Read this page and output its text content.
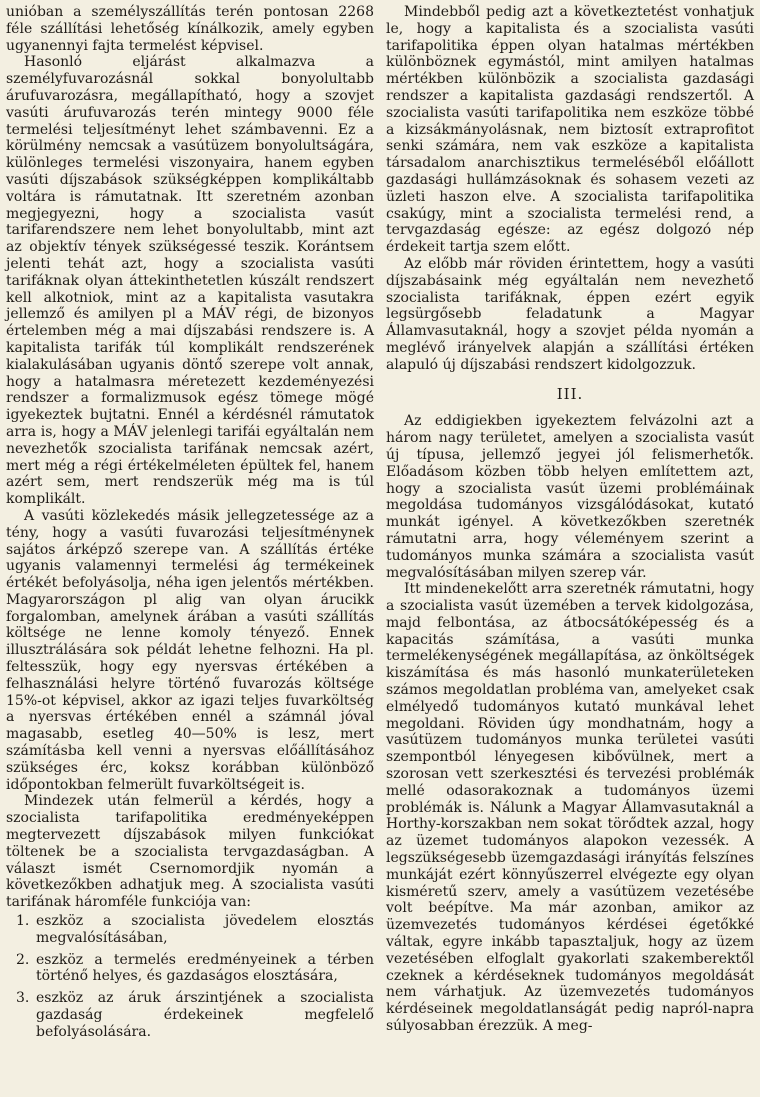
unióban a személyszállítás terén pontosan 2268 féle szállítási lehetőség kínálkozik, amely egyben ugyanennyi fajta termelést képvisel.

Hasonló eljárást alkalmazva a személyfuvarozásnál sokkal bonyolultabb árufuvarozásra, megállapítható, hogy a szovjet vasúti árufuvarozás terén mintegy 9000 féle termelési teljesítményt lehet számbavenni. Ez a körülmény nemcsak a vasútüzem bonyolultságára, különleges termelési viszonyaira, hanem egyben vasúti díjszabások szükségképpen komplikáltabb voltára is rámutatnak. Itt szeretném azonban megjegyezni, hogy a szocialista vasút tarifarendszere nem lehet bonyolultabb, mint azt az objektív tények szükségessé teszik. Korántsem jelenti tehát azt, hogy a szocialista vasúti tarifáknak olyan áttekinthetetlen kúszált rendszert kell alkotniok, mint az a kapitalista vasutakra jellemző és amilyen pl a MÁV régi, de bizonyos értelemben még a mai díjszabási rendszere is. A kapitalista tarifák túl komplikált rendszerének kialakulásában ugyanis döntő szerepe volt annak, hogy a hatalmasra méretezett kezdeményezési rendszer a formalizmusok egész tömege mögé igyekeztek bujtatni. Ennél a kérdésnél rámutatok arra is, hogy a MÁV jelenlegi tarifái egyáltalán nem nevezhetők szocialista tarifának nemcsak azért, mert még a régi értékelméleten épültek fel, hanem azért sem, mert rendszerük még ma is túl komplikált.

A vasúti közlekedés másik jellegzetessége az a tény, hogy a vasúti fuvarozási teljesítménynek sajátos árképző szerepe van. A szállítás értéke ugyanis valamennyi termelési ág termékeinek értékét befolyásolja, néha igen jelentős mértékben. Magyarországon pl alig van olyan árucikk forgalomban, amelynek árában a vasúti szállítás költsége ne lenne komoly tényező. Ennek illusztrálására sok példát lehetne felhozni. Ha pl. feltesszük, hogy egy nyersvas értékében a felhasználási helyre történő fuvarozás költsége 15%-ot képvisel, akkor az igazi teljes fuvarköltség a nyersvas értékében ennél a számnál jóval magasabb, esetleg 40—50% is lesz, mert számításba kell venni a nyersvas előállításához szükséges érc, koksz korábban különböző időpontokban felmerült fuvarköltségeit is.

Mindezek után felmerül a kérdés, hogy a szocialista tarifapolitika eredményeképpen megtervezett díjszabások milyen funkciókat töltenek be a szocialista tervgazdaságban. A választ ismét Csernomordjik nyomán a következőkben adhatjuk meg. A szocialista vasúti tarifának háromféle funkciója van:

1. eszköz a szocialista jövedelem elosztás megvalósításában,
2. eszköz a termelés eredményeinek a térben történő helyes, és gazdaságos elosztására,
3. eszköz az áruk árszintjének a szocialista gazdaság érdekeinek megfelelő befolyásolására.

Mindebből pedig azt a következtetést vonhatjuk le, hogy a kapitalista és a szocialista vasúti tarifapolitika éppen olyan hatalmas mértékben különböznek egymástól, mint amilyen hatalmas mértékben különbözik a szocialista gazdasági rendszer a kapitalista gazdasági rendszertől. A szocialista vasúti tarifapolitika nem eszköze többé a kizsákmányolásnak, nem biztosít extraprofitot senki számára, nem vak eszköze a kapitalista társadalom anarchisztikus termeléséből előállott gazdasági hullámzásoknak és sohasem vezeti az üzleti haszon elve. A szocialista tarifapolitika csakúgy, mint a szocialista termelési rend, a tervgazdaság egésze: az egész dolgozó nép érdekeit tartja szem előtt.

Az előbb már röviden érintettem, hogy a vasúti díjszabásaink még egyáltalán nem nevezhető szocialista tarifáknak, éppen ezért egyik legsürgősebb feladatunk a Magyar Államvasutaknál, hogy a szovjet példa nyomán a meglévő irányelvek alapján a szállítási értéken alapuló új díjszabási rendszert kidolgozzuk.

III.

Az eddigiekben igyekeztem felvázolni azt a három nagy területet, amelyen a szocialista vasút új típusa, jellemző jegyei jól felismerhetők. Előadásom közben több helyen említettem azt, hogy a szocialista vasút üzemi problémáinak megoldása tudományos vizsgálódásokat, kutató munkát igényel. A következőkben szeretnék rámutatni arra, hogy véleményem szerint a tudományos munka számára a szocialista vasút megvalósításában milyen szerep vár.

Itt mindenekelőtt arra szeretnék rámutatni, hogy a szocialista vasút üzemében a tervek kidolgozása, majd felbontása, az átbocsátóképesség és a kapacitás számítása, a vasúti munka termelékenységének megállapítása, az önköltségek kiszámítása és más hasonló munkaterületeken számos megoldatlan probléma van, amelyeket csak elmélyedő tudományos kutató munkával lehet megoldani. Röviden úgy mondhatnám, hogy a vasútüzem tudományos munka területei vasúti szempontból lényegesen kibővülnek, mert a szorosan vett szerkesztési és tervezési problémák mellé odasorakoznak a tudományos üzemi problémák is. Nálunk a Magyar Államvasutaknál a Horthy-korszakban nem sokat törődtek azzal, hogy az üzemet tudományos alapokon vezessék. A legszükségesebb üzemgazdasági irányítás felszínes munkáját ezért könnyűszerrel elvégezte egy olyan kisméretű szerv, amely a vasútüzem vezetésébe volt beépítve. Ma már azonban, amikor az üzemvezetés tudományos kérdései égetőkké váltak, egyre inkább tapasztaljuk, hogy az üzem vezetésében elfoglalt gyakorlati szakemberektől czeknek a kérdéseknek tudományos megoldását nem várhatjuk. Az üzemvezetés tudományos kérdéseinek megoldatlanságát pedig napról-napra súlyosabban érezzük. A meg-
